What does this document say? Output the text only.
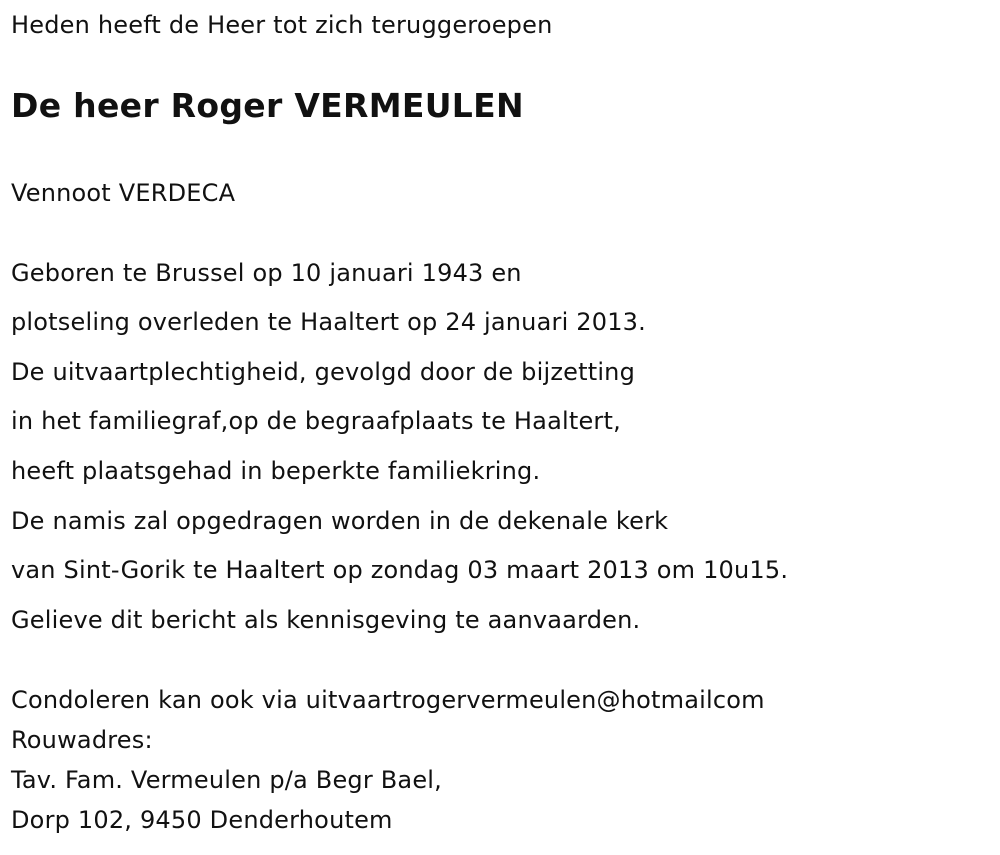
Heden heeft de Heer tot zich teruggeroepen
De heer Roger VERMEULEN
Vennoot VERDECA
Geboren te Brussel op 10 januari 1943 en
plotseling overleden te Haaltert op 24 januari 2013.
De uitvaartplechtigheid, gevolgd door de bijzetting
in het familiegraf,op de begraafplaats te Haaltert,
heeft plaatsgehad in beperkte familiekring.
De namis zal opgedragen worden in de dekenale kerk
van Sint-Gorik te Haaltert op zondag 03 maart 2013 om 10u15.
Gelieve dit bericht als kennisgeving te aanvaarden.
Condoleren kan ook via uitvaartrogervermeulen@hotmailcom
Rouwadres:
Tav. Fam. Vermeulen p/a Begr Bael,
Dorp 102, 9450 Denderhoutem
